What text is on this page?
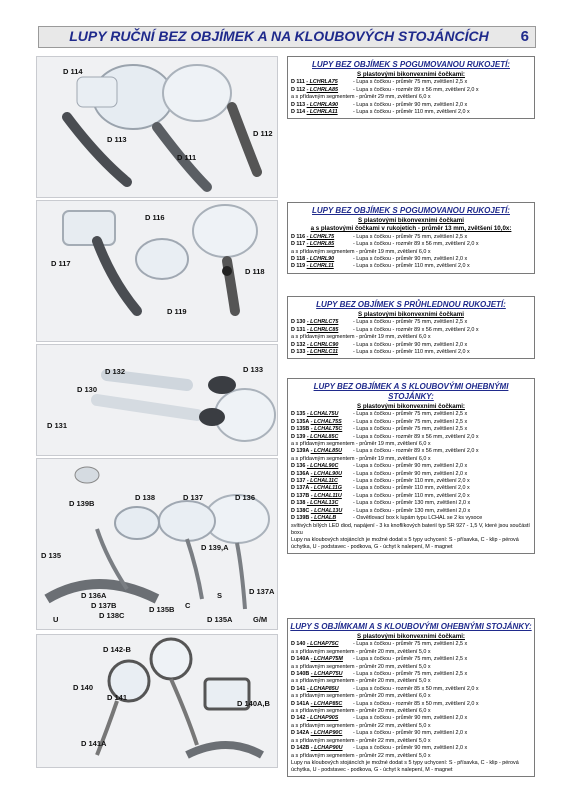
LUPY RUČNÍ BEZ OBJÍMEK A NA KLOUBOVÝCH STOJÁNCÍCH	6
D 114
D 113
D 111
D 112
D 116
D 117
D 118
D 119
D 132
D 130
D 133
D 131
D 138	D 137	D 136
D 139B
D 139,A
D 135
D 136A
D 137B
D 138C
D 135B C
S	D 137A
U	D 135A	G/M
D 142-B
D 140
D 141
D 141A
D 140A,B
LUPY BEZ OBJÍMEK S POGUMOVANOU RUKOJETÍ:
S plastovými bikonvexními čočkami:
D 111 - LCHRLA75	- Lupa s čočkou - průměr 75 mm, zvětšení 2,5 x
D 112 - LCHRLA85	- Lupa s čočkou - rozměr 89 x 56 mm, zvětšení 2,0 x
a s přídavným segmentem - průměr 29 mm, zvětšení 6,0 x
D 113 - LCHRLA90	- Lupa s čočkou - průměr 90 mm, zvětšení 2,0 x
D 114 - LCHRLA11	- Lupa s čočkou - průměr 110 mm, zvětšení 2,0 x
LUPY BEZ OBJÍMEK S POGUMOVANOU RUKOJETÍ:
S plastovými bikonvexními čočkami
a s plastovými čočkami v rukojetích - průměr 13 mm, zvětšení 10,0x:
D 116 - LCHRL75	- Lupa s čočkou - průměr 75 mm, zvětšení 2,5 x
D 117 - LCHRL85	- Lupa s čočkou - rozměr 89 x 56 mm, zvětšení 2,0 x
a s přídavným segmentem - průměr 19 mm, zvětšení 6,0 x
D 118 - LCHRL90	- Lupa s čočkou - průměr 90 mm, zvětšení 2,0 x
D 119 - LCHRL11	- Lupa s čočkou - průměr 110 mm, zvětšení 2,0 x
LUPY BEZ OBJÍMEK S PRŮHLEDNOU RUKOJETÍ:
S plastovými bikonvexními čočkami
D 130 - LCHRLC75	- Lupa s čočkou - průměr 75 mm, zvětšení 2,5 x
D 131 - LCHRLC85	- Lupa s čočkou - rozměr 89 x 56 mm, zvětšení 2,0 x
a s přídavným segmentem - průměr 19 mm, zvětšení 6,0 x
D 132 - LCHRLC90	- Lupa s čočkou - průměr 90 mm, zvětšení 2,0 x
D 133 - LCHRLC11	- Lupa s čočkou - průměr 110 mm, zvětšení 2,0 x
LUPY BEZ OBJÍMEK A S KLOUBOVÝMI OHEBNÝMI STOJÁNKY:
S plastovými bikonvexními čočkami:
D 135 - LCHAL75U	- Lupa s čočkou - průměr 75 mm, zvětšení 2,5 x
D 135A - LCHAL75S - Lupa s čočkou - průměr 75 mm, zvětšení 2,5 x
D 135B - LCHAL75C - Lupa s čočkou - průměr 75 mm, zvětšení 2,5 x
D 139 - LCHAL85C	- Lupa s čočkou - rozměr 89 x 56 mm, zvětšení 2,0 x
a s přídavným segmentem - průměr 19 mm, zvětšení 6,0 x
D 139A - LCHAL85U - Lupa s čočkou - rozměr 89 x 56 mm, zvětšení 2,0 x
a s přídavným segmentem - průměr 19 mm, zvětšení 6,0 x
D 136 - LCHAL90C	- Lupa s čočkou - průměr 90 mm, zvětšení 2,0 x
D 136A - LCHAL90U - Lupa s čočkou - průměr 90 mm, zvětšení 2,0 x
D 137 - LCHAL11C	- Lupa s čočkou - průměr 110 mm, zvětšení 2,0 x
D 137A - LCHAL11G - Lupa s čočkou - průměr 110 mm, zvětšení 2,0 x
D 137B - LCHAL11U - Lupa s čočkou - průměr 110 mm, zvětšení 2,0 x
D 138 - LCHAL13C	- Lupa s čočkou - průměr 130 mm, zvětšení 2,0 x
D 138C - LCHAL13U - Lupa s čočkou - průměr 130 mm, zvětšení 2,0 x
D 139B - LCHALB	- Osvětlovací box k lupám typu LCHAL se 2 ks vysoce
svítivých bílých LED diod, napájení - 3 ks knoflíkových baterií typ SR 927 - 1,5 V, které jsou součástí boxu
Lupy na kloubových stojáncích je možné dodat s 5 typy uchycení: S - přísavka, C - klip - pérová úchytka, U - podstavec - podkova, G - úchyt k nalepení, M - magnet
LUPY S OBJÍMKAMI A S KLOUBOVÝMI OHEBNÝMI STOJÁNKY:
S plastovými bikonvexními čočkami:
D 140 - LCHAP75C	- Lupa s čočkou - průměr 75 mm, zvětšení 2,5 x
a s přídavným segmentem - průměr 20 mm, zvětšení 5,0 x
D 140A - LCHAP75M - Lupa s čočkou - průměr 75 mm, zvětšení 2,5 x
a s přídavným segmentem - průměr 20 mm, zvětšení 5,0 x
D 140B - LCHAP75U - Lupa s čočkou - průměr 75 mm, zvětšení 2,5 x
a s přídavným segmentem - průměr 20 mm, zvětšení 5,0 x
D 141 - LCHAP85U	- Lupa s čočkou - rozměr 85 x 50 mm, zvětšení 2,0 x
a s přídavným segmentem - průměr 20 mm, zvětšení 6,0 x
D 141A - LCHAP85C - Lupa s čočkou - rozměr 85 x 50 mm, zvětšení 2,0 x
a s přídavným segmentem - průměr 20 mm, zvětšení 6,0 x
D 142 - LCHAP90S	- Lupa s čočkou - průměr 90 mm, zvětšení 2,0 x
a s přídavným segmentem - průměr 22 mm, zvětšení 5,0 x
D 142A - LCHAP90C - Lupa s čočkou - průměr 90 mm, zvětšení 2,0 x
a s přídavným segmentem - průměr 22 mm, zvětšení 5,0 x
D 142B - LCHAP90U - Lupa s čočkou - průměr 90 mm, zvětšení 2,0 x
a s přídavným segmentem - průměr 22 mm, zvětšení 5,0 x
Lupy na kloubových stojáncích je možné dodat s 5 typy uchycení: S - přísavka, C - klip - pérová úchytka, U - podstavec - podkova, G - úchyt k nalepení, M - magnet
